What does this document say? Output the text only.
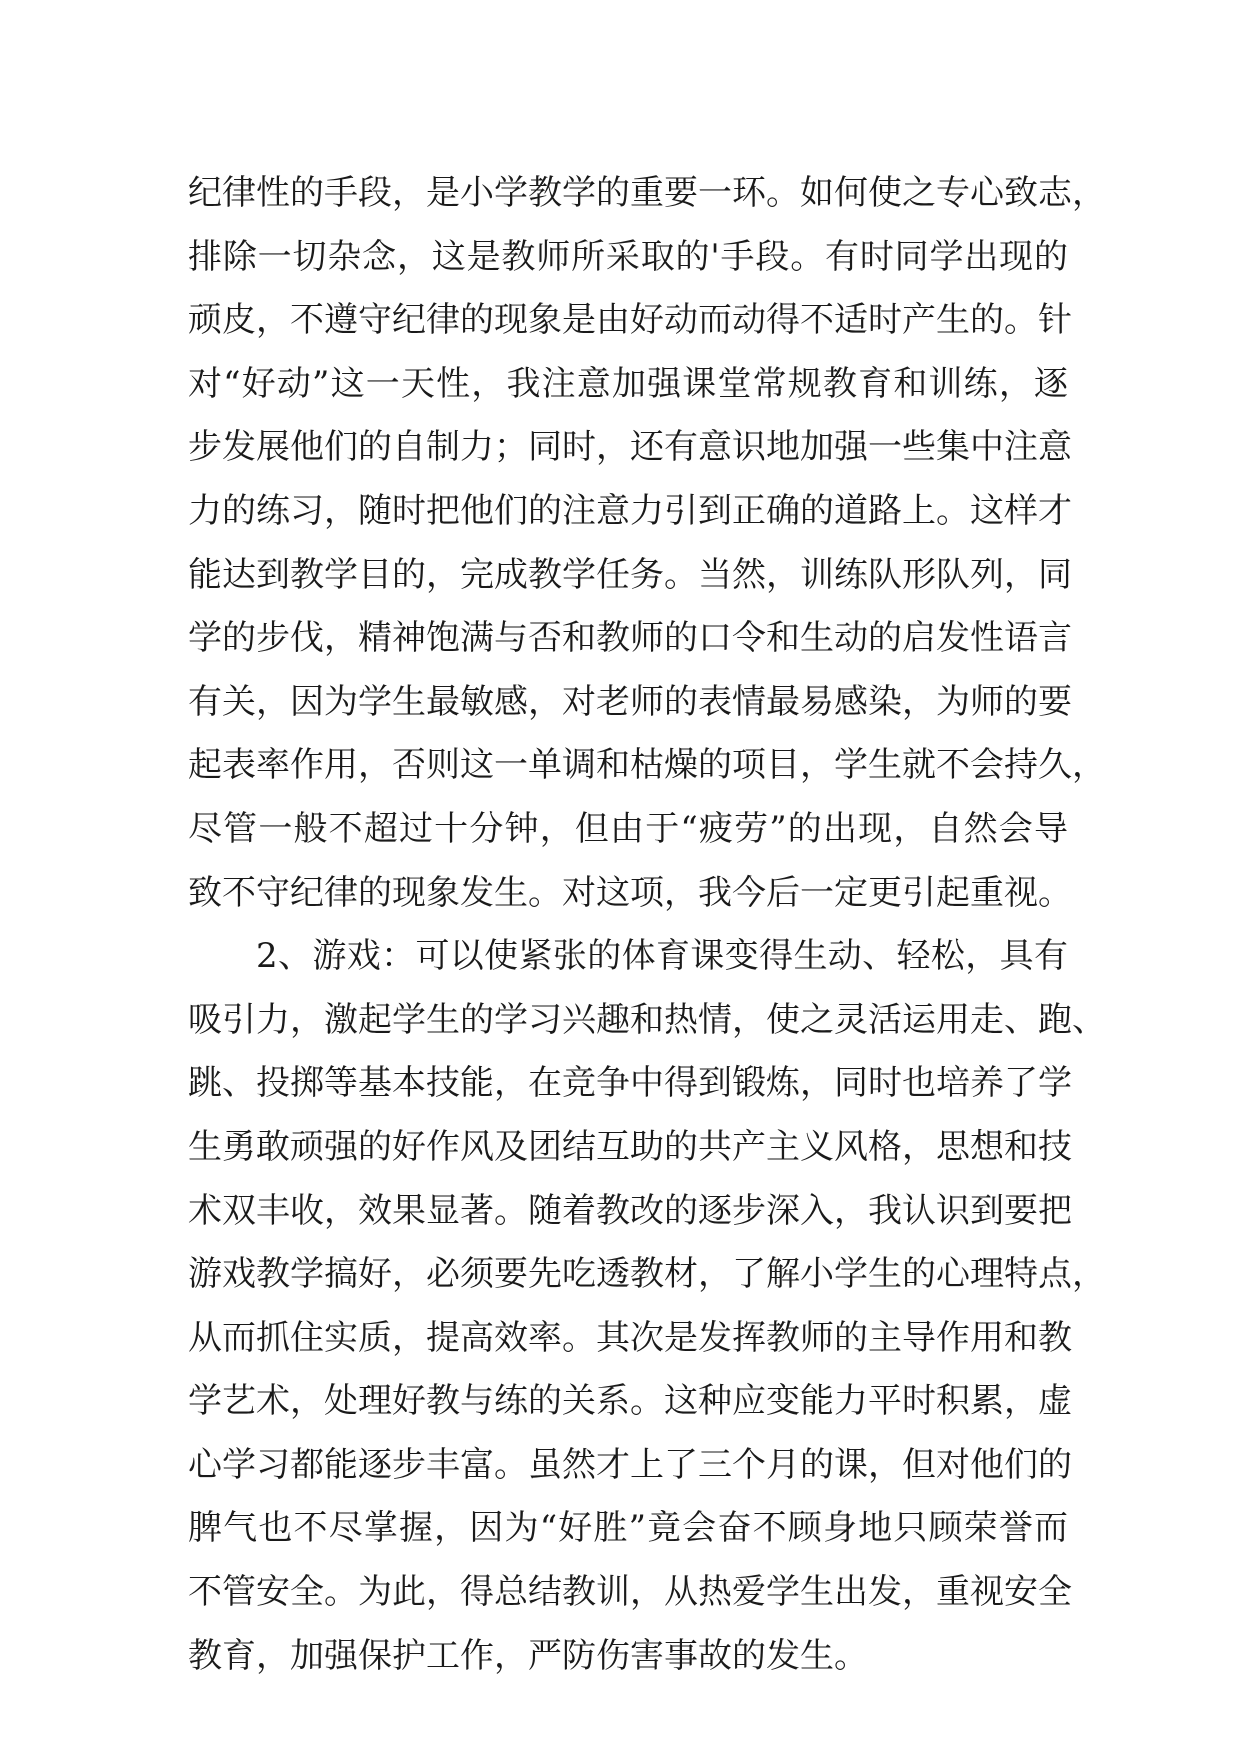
纪律性的手段，是小学教学的重要一环。如何使之专心致志，
排除一切杂念，这是教师所采取的'手段。有时同学出现的
顽皮，不遵守纪律的现象是由好动而动得不适时产生的。针
对“好动”这一天性，我注意加强课堂常规教育和训练，逐
步发展他们的自制力；同时，还有意识地加强一些集中注意
力的练习，随时把他们的注意力引到正确的道路上。这样才
能达到教学目的，完成教学任务。当然，训练队形队列，同
学的步伐，精神饱满与否和教师的口令和生动的启发性语言
有关，因为学生最敏感，对老师的表情最易感染，为师的要
起表率作用，否则这一单调和枯燥的项目，学生就不会持久，
尽管一般不超过十分钟，但由于“疲劳”的出现，自然会导
致不守纪律的现象发生。对这项，我今后一定更引起重视。
2、游戏：可以使紧张的体育课变得生动、轻松，具有
吸引力，激起学生的学习兴趣和热情，使之灵活运用走、跑、
跳、投掷等基本技能，在竞争中得到锻炼，同时也培养了学
生勇敢顽强的好作风及团结互助的共产主义风格，思想和技
术双丰收，效果显著。随着教改的逐步深入，我认识到要把
游戏教学搞好，必须要先吃透教材，了解小学生的心理特点，
从而抓住实质，提高效率。其次是发挥教师的主导作用和教
学艺术，处理好教与练的关系。这种应变能力平时积累，虚
心学习都能逐步丰富。虽然才上了三个月的课，但对他们的
脾气也不尽掌握，因为“好胜”竟会奋不顾身地只顾荣誉而
不管安全。为此，得总结教训，从热爱学生出发，重视安全
教育，加强保护工作，严防伤害事故的发生。
